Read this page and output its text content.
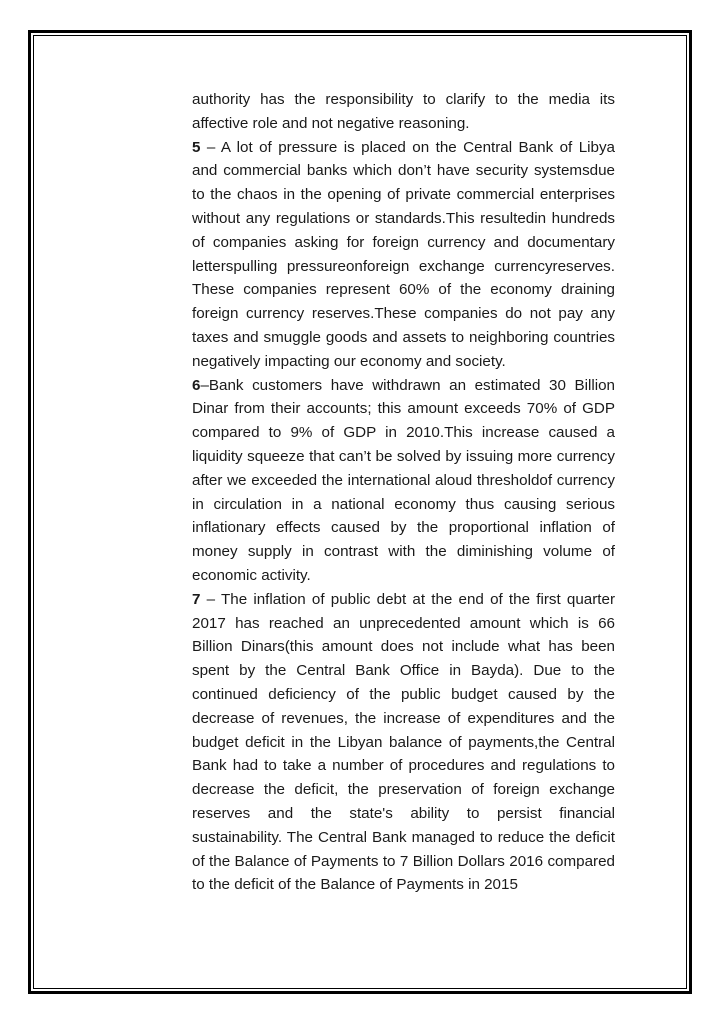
authority has the responsibility to clarify to the media its affective role and not negative reasoning.

5 – A lot of pressure is placed on the Central Bank of Libya and commercial banks which don’t have security systemsdue to the chaos in the opening of private commercial enterprises without any regulations or standards.This resultedin hundreds of companies asking for foreign currency and documentary letterspulling pressureonforeign exchange currencyreserves. These companies represent 60% of the economy draining foreign currency reserves.These companies do not pay any taxes and smuggle goods and assets to neighboring countries negatively impacting our economy and society.

6–Bank customers have withdrawn an estimated 30 Billion Dinar from their accounts; this amount exceeds 70% of GDP compared to 9% of GDP in 2010.This increase caused a liquidity squeeze that can’t be solved by issuing more currency after we exceeded the international aloud thresholdof currency in circulation in a national economy thus causing serious inflationary effects caused by the proportional inflation of money supply in contrast with the diminishing volume of economic activity.

7 – The inflation of public debt at the end of the first quarter 2017 has reached an unprecedented amount which is 66 Billion Dinars(this amount does not include what has been spent by the Central Bank Office in Bayda). Due to the continued deficiency of the public budget caused by the decrease of revenues, the increase of expenditures and the budget deficit in the Libyan balance of payments,the Central Bank had to take a number of procedures and regulations to decrease the deficit, the preservation of foreign exchange reserves and the state's ability to persist financial sustainability. The Central Bank managed to reduce the deficit of the Balance of Payments to 7 Billion Dollars 2016 compared to the deficit of the Balance of Payments in 2015
